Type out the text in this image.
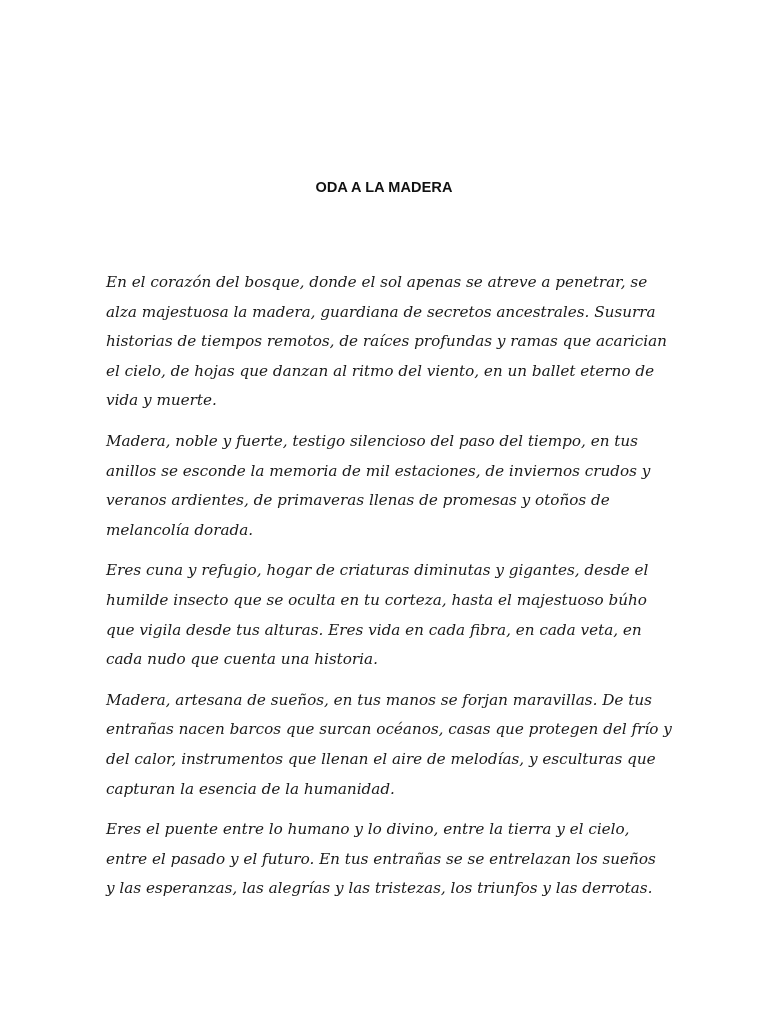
ODA A LA MADERA

En el corazón del bosque, donde el sol apenas se atreve a penetrar, se
alza majestuosa la madera, guardiana de secretos ancestrales. Susurra
historias de tiempos remotos, de raíces profundas y ramas que acarician
el cielo, de hojas que danzan al ritmo del viento, en un ballet eterno de
vida y muerte.

Madera, noble y fuerte, testigo silencioso del paso del tiempo, en tus
anillos se esconde la memoria de mil estaciones, de inviernos crudos y
veranos ardientes, de primaveras llenas de promesas y otoños de
melancolía dorada.

Eres cuna y refugio, hogar de criaturas diminutas y gigantes, desde el
humilde insecto que se oculta en tu corteza, hasta el majestuoso búho
que vigila desde tus alturas. Eres vida en cada fibra, en cada veta, en
cada nudo que cuenta una historia.

Madera, artesana de sueños, en tus manos se forjan maravillas. De tus
entrañas nacen barcos que surcan océanos, casas que protegen del frío y
del calor, instrumentos que llenan el aire de melodías, y esculturas que
capturan la esencia de la humanidad.

Eres el puente entre lo humano y lo divino, entre la tierra y el cielo,
entre el pasado y el futuro. En tus entrañas se se entrelazan los sueños
y las esperanzas, las alegrías y las tristezas, los triunfos y las derrotas.
